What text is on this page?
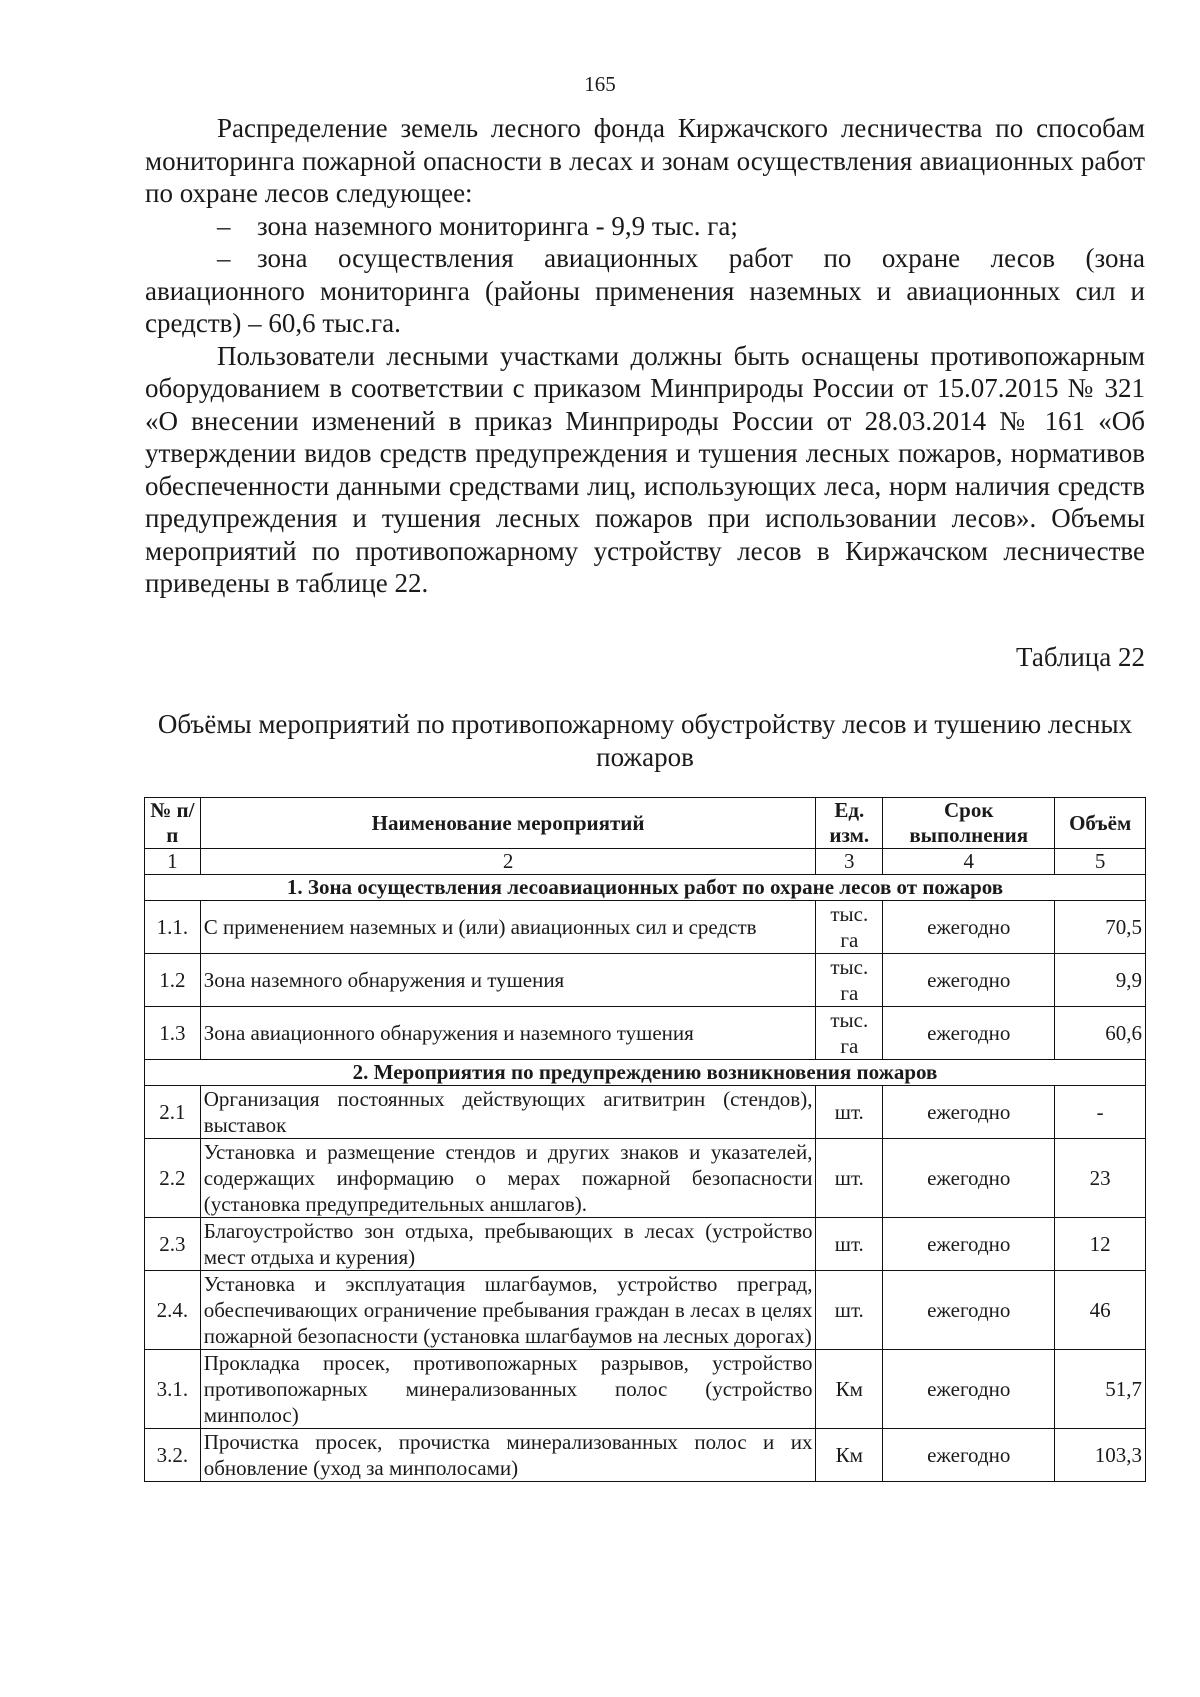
165

Распределение земель лесного фонда Киржачского лесничества по способам мониторинга пожарной опасности в лесах и зонам осуществления авиационных работ по охране лесов следующее:

– зона наземного мониторинга - 9,9 тыс. га;

– зона осуществления авиационных работ по охране лесов (зона авиационного мониторинга (районы применения наземных и авиационных сил и средств) – 60,6 тыс.га.

Пользователи лесными участками должны быть оснащены противопожарным оборудованием в соответствии с приказом Минприроды России от 15.07.2015 № 321 «О внесении изменений в приказ Минприроды России от 28.03.2014 № 161 «Об утверждении видов средств предупреждения и тушения лесных пожаров, нормативов обеспеченности данными средствами лиц, использующих леса, норм наличия средств предупреждения и тушения лесных пожаров при использовании лесов». Объемы мероприятий по противопожарному устройству лесов в Киржачском лесничестве приведены в таблице 22.

Таблица 22
Объёмы мероприятий по противопожарному обустройству лесов и тушению лесных пожаров
№ п/п	Наименование мероприятий	Ед. изм.	Срок выполнения	Объём
1	2	3	4	5
1. Зона осуществления лесоавиационных работ по охране лесов от пожаров				
1.1.	С применением наземных и (или) авиационных сил и средств	тыс. га	ежегодно	70,5
1.2	Зона наземного обнаружения и тушения	тыс. га	ежегодно	9,9
1.3	Зона авиационного обнаружения и наземного тушения	тыс. га	ежегодно	60,6
2. Мероприятия по предупреждению возникновения пожаров				
2.1	Организация постоянных действующих агитвитрин (стендов), выставок	шт.	ежегодно	-
2.2	Установка и размещение стендов и других знаков и указателей, содержащих информацию о мерах пожарной безопасности (установка предупредительных аншлагов).	шт.	ежегодно	23
2.3	Благоустройство зон отдыха, пребывающих в лесах (устройство мест отдыха и курения)	шт.	ежегодно	12
2.4.	Установка и эксплуатация шлагбаумов, устройство преград, обеспечивающих ограничение пребывания граждан в лесах в целях пожарной безопасности (установка шлагбаумов на лесных дорогах)	шт.	ежегодно	46
3.1.	Прокладка просек, противопожарных разрывов, устройство противопожарных минерализованных полос (устройство минполос)	Км	ежегодно	51,7
3.2.	Прочистка просек, прочистка минерализованных полос и их обновление (уход за минполосами)	Км	ежегодно	103,3
